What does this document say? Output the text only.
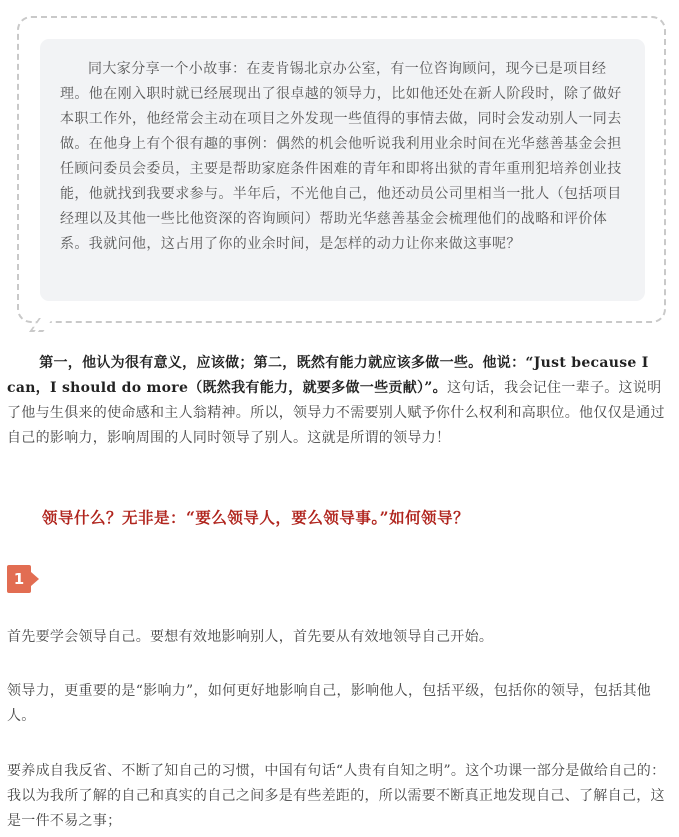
同大家分享一个小故事：在麦肯锡北京办公室，有一位咨询顾问，现今已是项目经理。他在刚入职时就已经展现出了很卓越的领导力，比如他还处在新人阶段时，除了做好本职工作外，他经常会主动在项目之外发现一些值得的事情去做，同时会发动别人一同去做。在他身上有个很有趣的事例：偶然的机会他听说我利用业余时间在光华慈善基金会担任顾问委员会委员，主要是帮助家庭条件困难的青年和即将出狱的青年重刑犯培养创业技能，他就找到我要求参与。半年后，不光他自己，他还动员公司里相当一批人（包括项目经理以及其他一些比他资深的咨询顾问）帮助光华慈善基金会梳理他们的战略和评价体系。我就问他，这占用了你的业余时间，是怎样的动力让你来做这事呢？

第一，他认为很有意义，应该做；第二，既然有能力就应该多做一些。他说：“Just because I can，I should do more（既然我有能力，就要多做一些贡献）”。这句话，我会记住一辈子。这说明了他与生俱来的使命感和主人翁精神。所以，领导力不需要别人赋予你什么权利和高职位。他仅仅是通过自己的影响力，影响周围的人同时领导了别人。这就是所谓的领导力！

领导什么？无非是：“要么领导人，要么领导事。”如何领导？

1

首先要学会领导自己。要想有效地影响别人，首先要从有效地领导自己开始。

领导力，更重要的是“影响力”，如何更好地影响自己，影响他人，包括平级，包括你的领导，包括其他人。

要养成自我反省、不断了知自己的习惯，中国有句话“人贵有自知之明”。这个功课一部分是做给自己的：我以为我所了解的自己和真实的自己之间多是有些差距的，所以需要不断真正地发现自己、了解自己，这是一件不易之事；
